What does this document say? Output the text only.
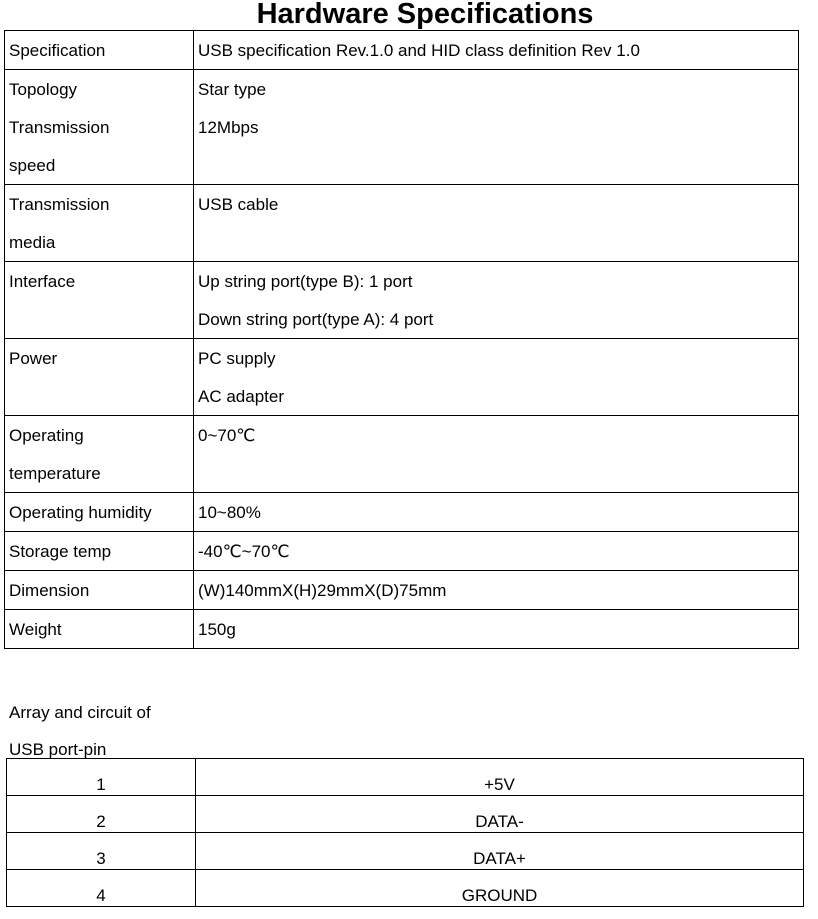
Hardware Specifications
Specification	USB specification Rev.1.0 and HID class definition Rev 1.0

Topology
Transmission
speed	Star type
12Mbps

Transmission
media	USB cable

Interface	Up string port(type B): 1 port
Down string port(type A): 4 port

Power	PC supply
AC adapter

Operating
temperature	0~70℃

Operating humidity	10~80%

Storage temp	-40℃~70℃

Dimension	(W)140mmX(H)29mmX(D)75mm

Weight	150g
Array and circuit of
USB port-pin
1	+5V
2	DATA-
3	DATA+
4	GROUND
